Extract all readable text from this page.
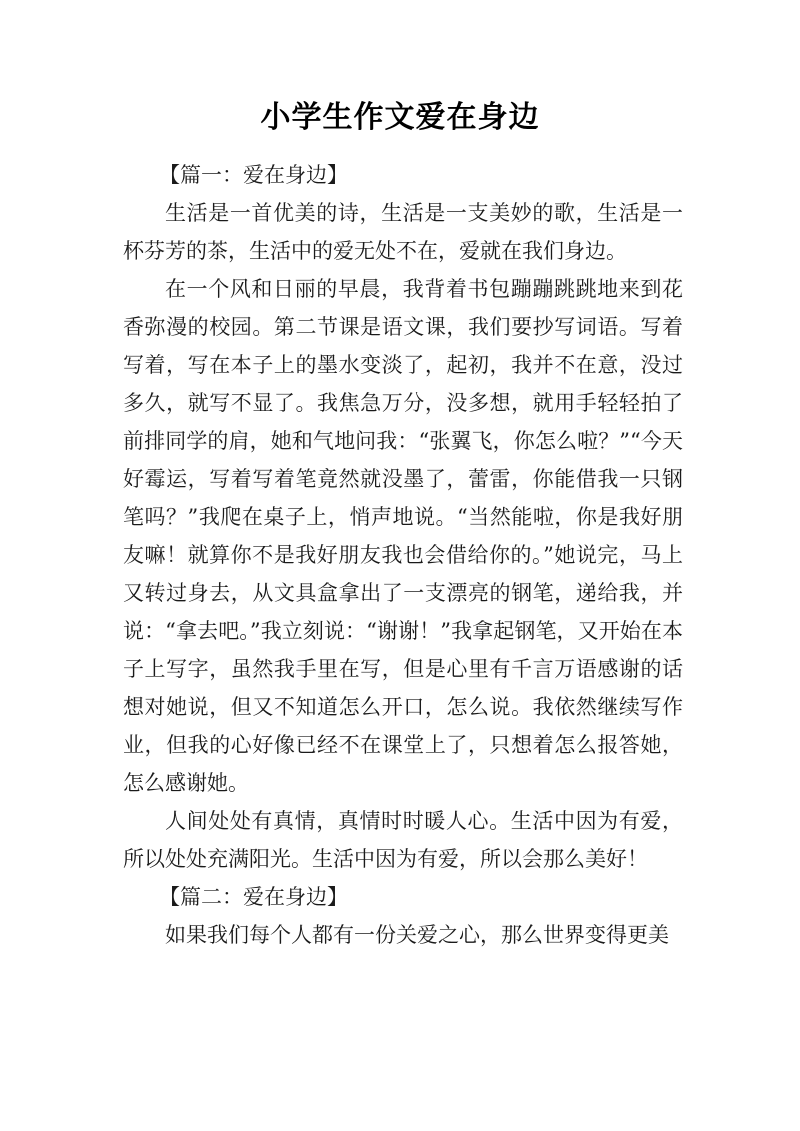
小学生作文爱在身边

【篇一：爱在身边】

生活是一首优美的诗，生活是一支美妙的歌，生活是一杯芬芳的茶，生活中的爱无处不在，爱就在我们身边。

在一个风和日丽的早晨，我背着书包蹦蹦跳跳地来到花香弥漫的校园。第二节课是语文课，我们要抄写词语。写着写着，写在本子上的墨水变淡了，起初，我并不在意，没过多久，就写不显了。我焦急万分，没多想，就用手轻轻拍了前排同学的肩，她和气地问我：“张翼飞，你怎么啦？”“今天好霉运，写着写着笔竟然就没墨了，蕾雷，你能借我一只钢笔吗？”我爬在桌子上，悄声地说。“当然能啦，你是我好朋友嘛！就算你不是我好朋友我也会借给你的。”她说完，马上又转过身去，从文具盒拿出了一支漂亮的钢笔，递给我，并说：“拿去吧。”我立刻说：“谢谢！”我拿起钢笔，又开始在本子上写字，虽然我手里在写，但是心里有千言万语感谢的话想对她说，但又不知道怎么开口，怎么说。我依然继续写作业，但我的心好像已经不在课堂上了，只想着怎么报答她，怎么感谢她。

人间处处有真情，真情时时暖人心。生活中因为有爱，所以处处充满阳光。生活中因为有爱，所以会那么美好！

【篇二：爱在身边】

如果我们每个人都有一份关爱之心，那么世界变得更美
